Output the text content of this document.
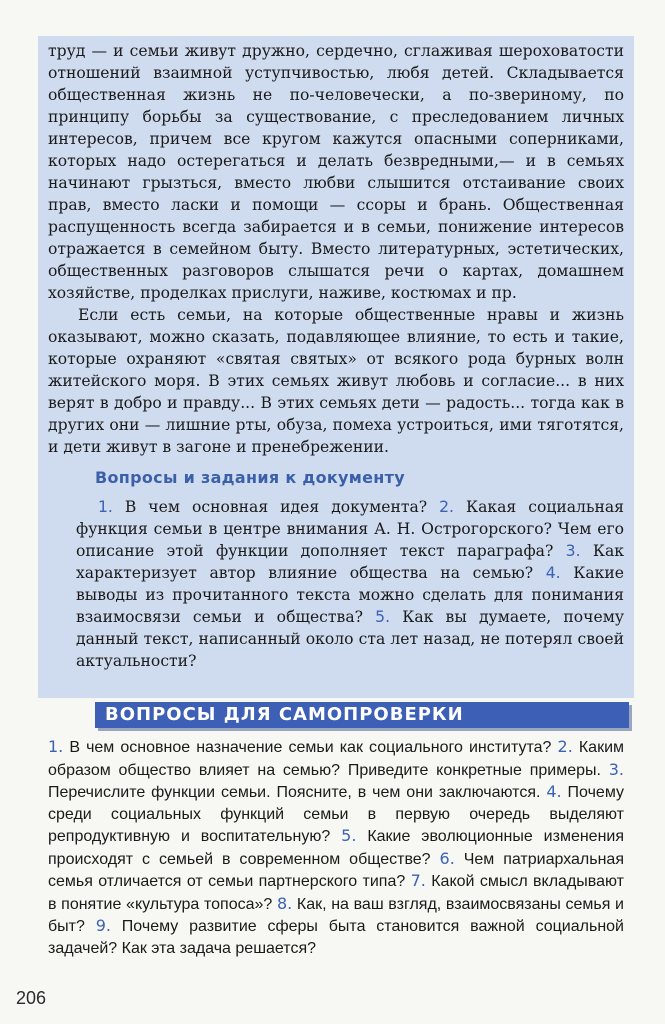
труд — и семьи живут дружно, сердечно, сглаживая шероховатости отношений взаимной уступчивостью, любя детей. Складывается общественная жизнь не по-человечески, а по-звериному, по принципу борьбы за существование, с преследованием личных интересов, причем все кругом кажутся опасными соперниками, которых надо остерегаться и делать безвредными,— и в семьях начинают грызться, вместо любви слышится отстаивание своих прав, вместо ласки и помощи — ссоры и брань. Общественная распущенность всегда забирается и в семьи, понижение интересов отражается в семейном быту. Вместо литературных, эстетических, общественных разговоров слышатся речи о картах, домашнем хозяйстве, проделках прислуги, наживе, костюмах и пр.

Если есть семьи, на которые общественные нравы и жизнь оказывают, можно сказать, подавляющее влияние, то есть и такие, которые охраняют «святая святых» от всякого рода бурных волн житейского моря. В этих семьях живут любовь и согласие... в них верят в добро и правду... В этих семьях дети — радость... тогда как в других они — лишние рты, обуза, помеха устроиться, ими тяготятся, и дети живут в загоне и пренебрежении.

Вопросы и задания к документу

1. В чем основная идея документа? 2. Какая социальная функция семьи в центре внимания А. Н. Острогорского? Чем его описание этой функции дополняет текст параграфа? 3. Как характеризует автор влияние общества на семью? 4. Какие выводы из прочитанного текста можно сделать для понимания взаимосвязи семьи и общества? 5. Как вы думаете, почему данный текст, написанный около ста лет назад, не потерял своей актуальности?

ВОПРОСЫ ДЛЯ САМОПРОВЕРКИ

1. В чем основное назначение семьи как социального института? 2. Каким образом общество влияет на семью? Приведите конкретные примеры. 3. Перечислите функции семьи. Поясните, в чем они заключаются. 4. Почему среди социальных функций семьи в первую очередь выделяют репродуктивную и воспитательную? 5. Какие эволюционные изменения происходят с семьей в современном обществе? 6. Чем патриархальная семья отличается от семьи партнерского типа? 7. Какой смысл вкладывают в понятие «культура топоса»? 8. Как, на ваш взгляд, взаимосвязаны семья и быт? 9. Почему развитие сферы быта становится важной социальной задачей? Как эта задача решается?

206
